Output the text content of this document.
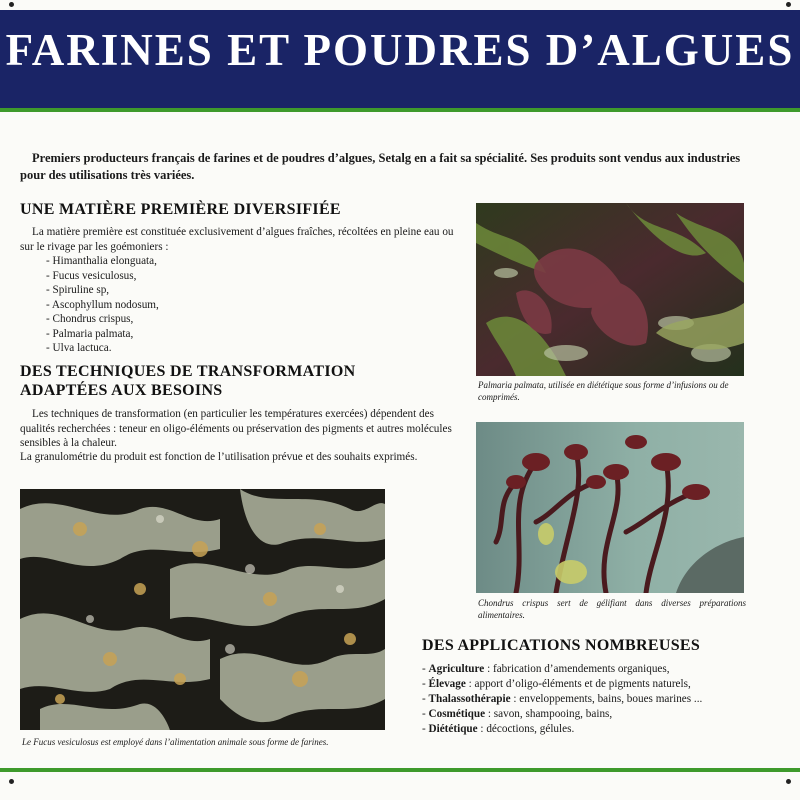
FARINES ET POUDRES D’ALGUES
Premiers producteurs français de farines et de poudres d’algues, Setalg en a fait sa spécialité. Ses produits sont vendus aux industries pour des utilisations très variées.
UNE MATIÈRE PREMIÈRE DIVERSIFIÉE
La matière première est constituée exclusivement d’algues fraîches, récoltées en pleine eau ou sur le rivage par les goémoniers :
- Himanthalia elonguata,
- Fucus vesiculosus,
- Spiruline sp,
- Ascophyllum nodosum,
- Chondrus crispus,
- Palmaria palmata,
- Ulva lactuca.
DES TECHNIQUES DE TRANSFORMATION
ADAPTÉES AUX BESOINS
Les techniques de transformation (en particulier les températures exercées) dépendent des qualités recherchées : teneur en oligo-éléments ou préservation des pigments et autres molécules sensibles à la chaleur.
La granulométrie du produit est fonction de l’utilisation prévue et des souhaits exprimés.
Palmaria palmata, utilisée en diététique sous forme d’infusions ou de comprimés.
Chondrus crispus sert de gélifiant dans diverses préparations alimentaires.
Le Fucus vesiculosus est employé dans l’alimentation animale sous forme de farines.
DES APPLICATIONS NOMBREUSES
- Agriculture : fabrication d’amendements organiques,
- Élevage : apport d’oligo-éléments et de pigments naturels,
- Thalassothérapie : enveloppements, bains, boues marines ...
- Cosmétique : savon, shampooing, bains,
- Diététique : décoctions, gélules.
